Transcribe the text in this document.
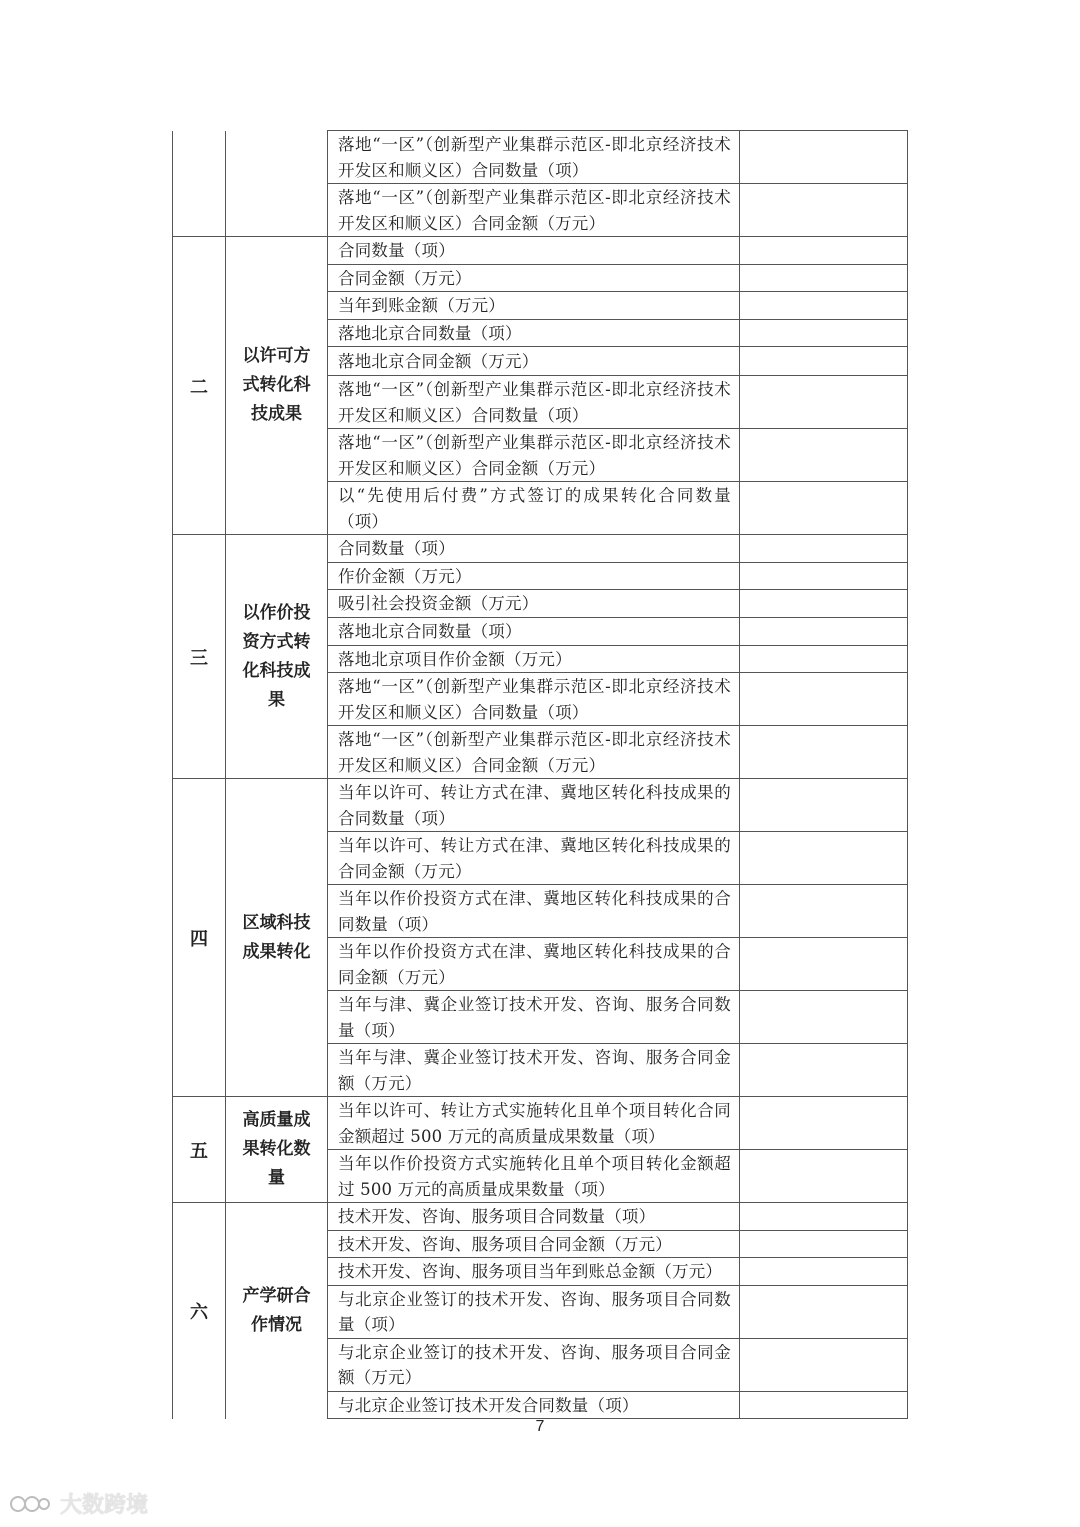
		落地“一区”（创新型产业集群示范区-即北京经济技术开发区和顺义区）合同数量（项）	
		落地“一区”（创新型产业集群示范区-即北京经济技术开发区和顺义区）合同金额（万元）	
二	以许可方式转化科技成果	合同数量（项）	
		合同金额（万元）	
		当年到账金额（万元）	
		落地北京合同数量（项）	
		落地北京合同金额（万元）	
		落地“一区”（创新型产业集群示范区-即北京经济技术开发区和顺义区）合同数量（项）	
		落地“一区”（创新型产业集群示范区-即北京经济技术开发区和顺义区）合同金额（万元）	
		以“先使用后付费”方式签订的成果转化合同数量（项）	
三	以作价投资方式转化科技成果	合同数量（项）	
		作价金额（万元）	
		吸引社会投资金额（万元）	
		落地北京合同数量（项）	
		落地北京项目作价金额（万元）	
		落地“一区”（创新型产业集群示范区-即北京经济技术开发区和顺义区）合同数量（项）	
		落地“一区”（创新型产业集群示范区-即北京经济技术开发区和顺义区）合同金额（万元）	
四	区域科技成果转化	当年以许可、转让方式在津、冀地区转化科技成果的合同数量（项）	
		当年以许可、转让方式在津、冀地区转化科技成果的合同金额（万元）	
		当年以作价投资方式在津、冀地区转化科技成果的合同数量（项）	
		当年以作价投资方式在津、冀地区转化科技成果的合同金额（万元）	
		当年与津、冀企业签订技术开发、咨询、服务合同数量（项）	
		当年与津、冀企业签订技术开发、咨询、服务合同金额（万元）	
五	高质量成果转化数量	当年以许可、转让方式实施转化且单个项目转化合同金额超过 500 万元的高质量成果数量（项）	
		当年以作价投资方式实施转化且单个项目转化金额超过 500 万元的高质量成果数量（项）	
六	产学研合作情况	技术开发、咨询、服务项目合同数量（项）	
		技术开发、咨询、服务项目合同金额（万元）	
		技术开发、咨询、服务项目当年到账总金额（万元）	
		与北京企业签订的技术开发、咨询、服务项目合同数量（项）	
		与北京企业签订的技术开发、咨询、服务项目合同金额（万元）	
		与北京企业签订技术开发合同数量（项）	
7
大数跨境
